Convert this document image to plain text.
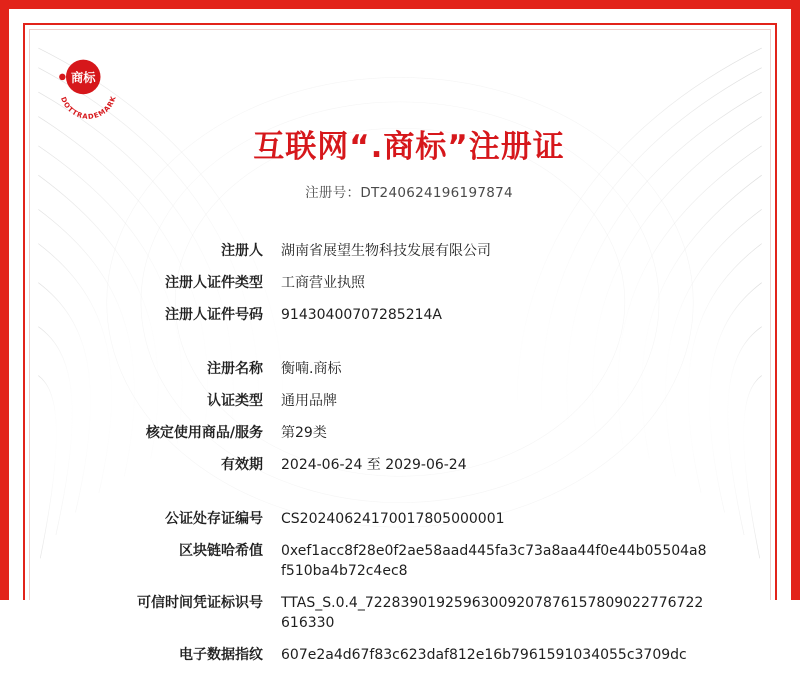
商标
DOTTRADEMARK
互联网“.商标”注册证
注册号：DT240624196197874
注册人	湖南省展望生物科技发展有限公司
注册人证件类型	工商营业执照
注册人证件号码	91430400707285214A
注册名称	衡喃.商标
认证类型	通用品牌
核定使用商品/服务	第29类
有效期	2024-06-24 至 2029-06-24
公证处存证编号	CS20240624170017805000001
区块链哈希值	0xef1acc8f28e0f2ae58aad445fa3c73a8aa44f0e44b05504a8f510ba4b72c4ec8
可信时间凭证标识号	TTAS_S.0.4_72283901925963009207876157809022776722616330
电子数据指纹	607e2a4d67f83c623daf812e16b7961591034055c3709dc
